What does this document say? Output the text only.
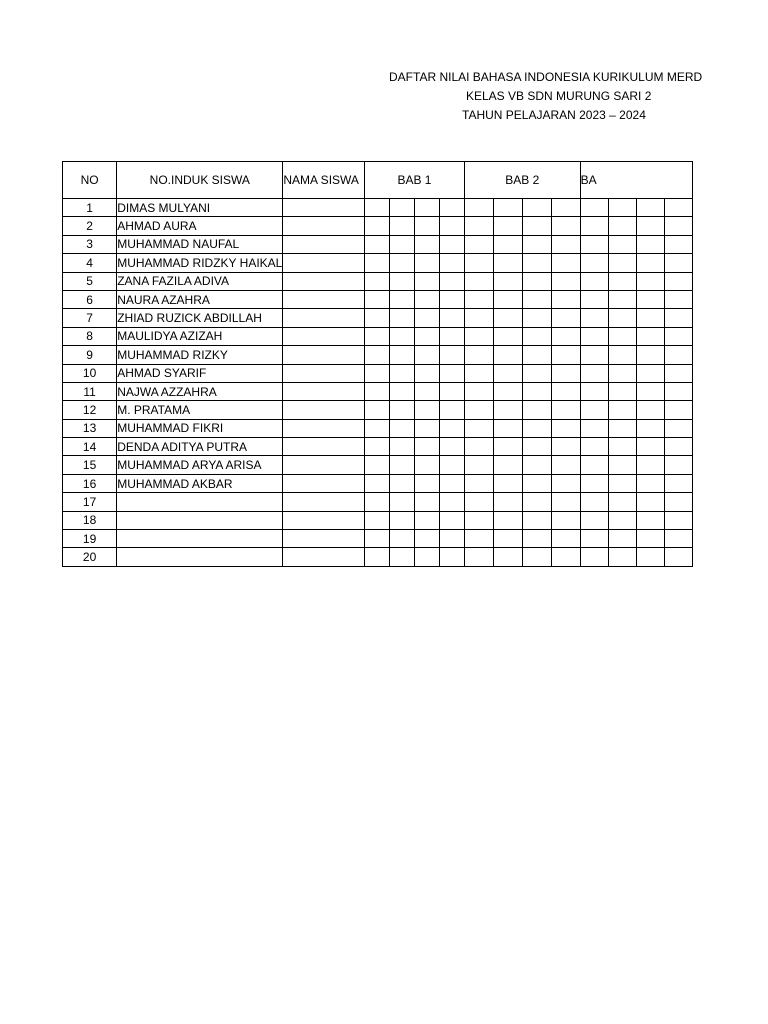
DAFTAR NILAI BAHASA INDONESIA KURIKULUM MERD
KELAS VB SDN MURUNG SARI 2
TAHUN PELAJARAN 2023 – 2024
NO	NO.INDUK SISWA	NAMA SISWA	BAB 1				BAB 2				BA			
1	DIMAS MULYANI													
2	AHMAD AURA													
3	MUHAMMAD NAUFAL													
4	MUHAMMAD RIDZKY HAIKAL													
5	ZANA FAZILA ADIVA													
6	NAURA AZAHRA													
7	ZHIAD RUZICK ABDILLAH													
8	MAULIDYA AZIZAH													
9	MUHAMMAD RIZKY													
10	AHMAD SYARIF													
11	NAJWA AZZAHRA													
12	M. PRATAMA													
13	MUHAMMAD FIKRI													
14	DENDA ADITYA PUTRA													
15	MUHAMMAD ARYA ARISA													
16	MUHAMMAD AKBAR													
17														
18														
19														
20														
